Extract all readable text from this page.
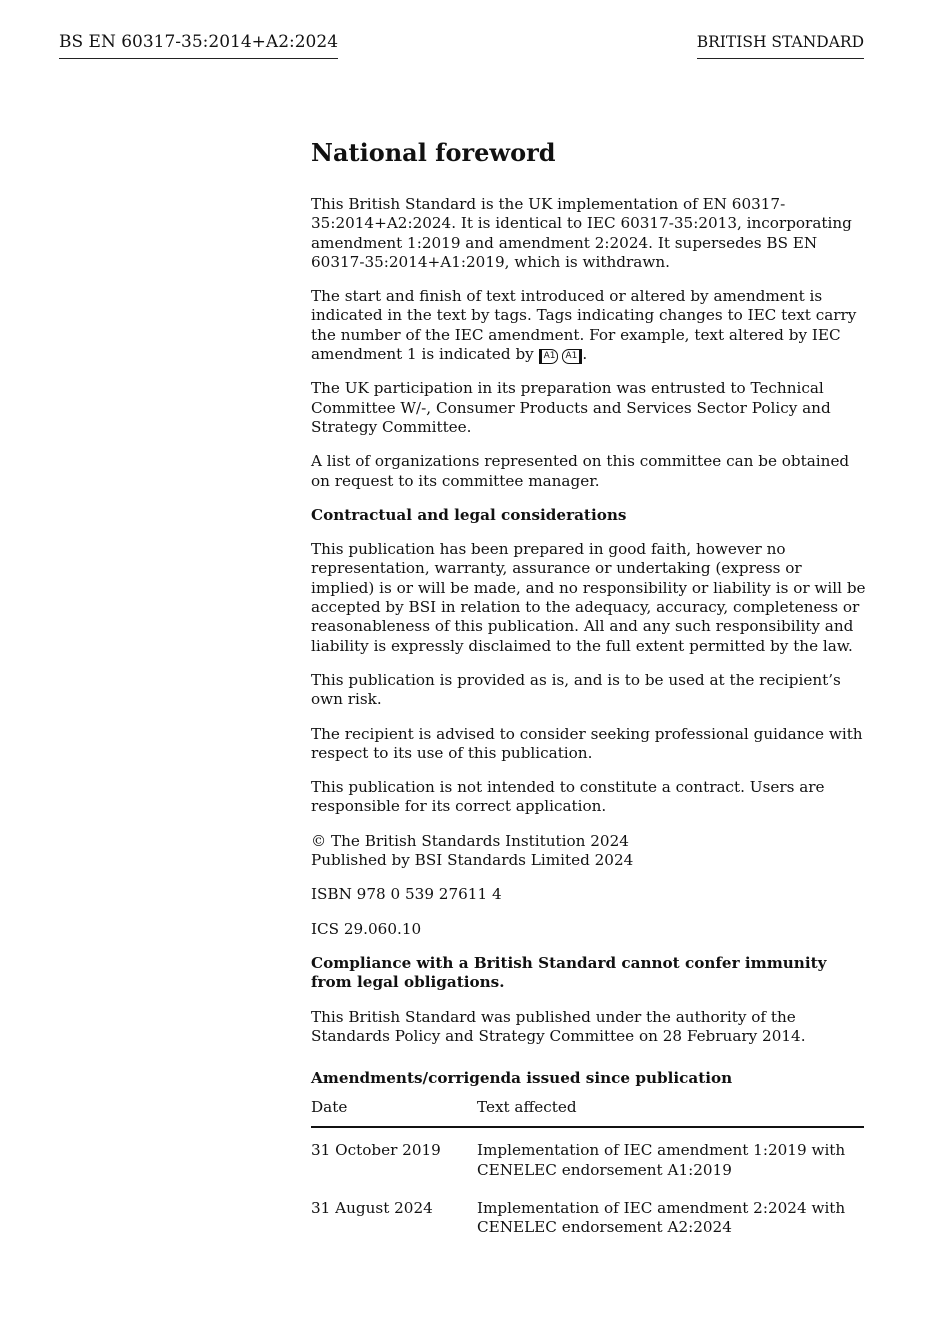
BS EN 60317-35:2014+A2:2024	BRITISH STANDARD
National foreword

This British Standard is the UK implementation of EN 60317-35:2014+A2:2024. It is identical to IEC 60317-35:2013, incorporating amendment 1:2019 and amendment 2:2024. It supersedes BS EN 60317-35:2014+A1:2019, which is withdrawn.

The start and finish of text introduced or altered by amendment is indicated in the text by tags. Tags indicating changes to IEC text carry the number of the IEC amendment. For example, text altered by IEC amendment 1 is indicated by A1 A1 .

The UK participation in its preparation was entrusted to Technical Committee W/-, Consumer Products and Services Sector Policy and Strategy Committee.

A list of organizations represented on this committee can be obtained on request to its committee manager.

Contractual and legal considerations

This publication has been prepared in good faith, however no representation, warranty, assurance or undertaking (express or implied) is or will be made, and no responsibility or liability is or will be accepted by BSI in relation to the adequacy, accuracy, completeness or reasonableness of this publication. All and any such responsibility and liability is expressly disclaimed to the full extent permitted by the law.

This publication is provided as is, and is to be used at the recipient’s own risk.

The recipient is advised to consider seeking professional guidance with respect to its use of this publication.

This publication is not intended to constitute a contract. Users are responsible for its correct application.

© The British Standards Institution 2024
Published by BSI Standards Limited 2024

ISBN 978 0 539 27611 4

ICS 29.060.10

Compliance with a British Standard cannot confer immunity from legal obligations.

This British Standard was published under the authority of the Standards Policy and Strategy Committee on 28 February 2014.

Amendments/corrigenda issued since publication
Date	Text affected
31 October 2019	Implementation of IEC amendment 1:2019 with
CENELEC endorsement A1:2019
31 August 2024	Implementation of IEC amendment 2:2024 with
CENELEC endorsement A2:2024
